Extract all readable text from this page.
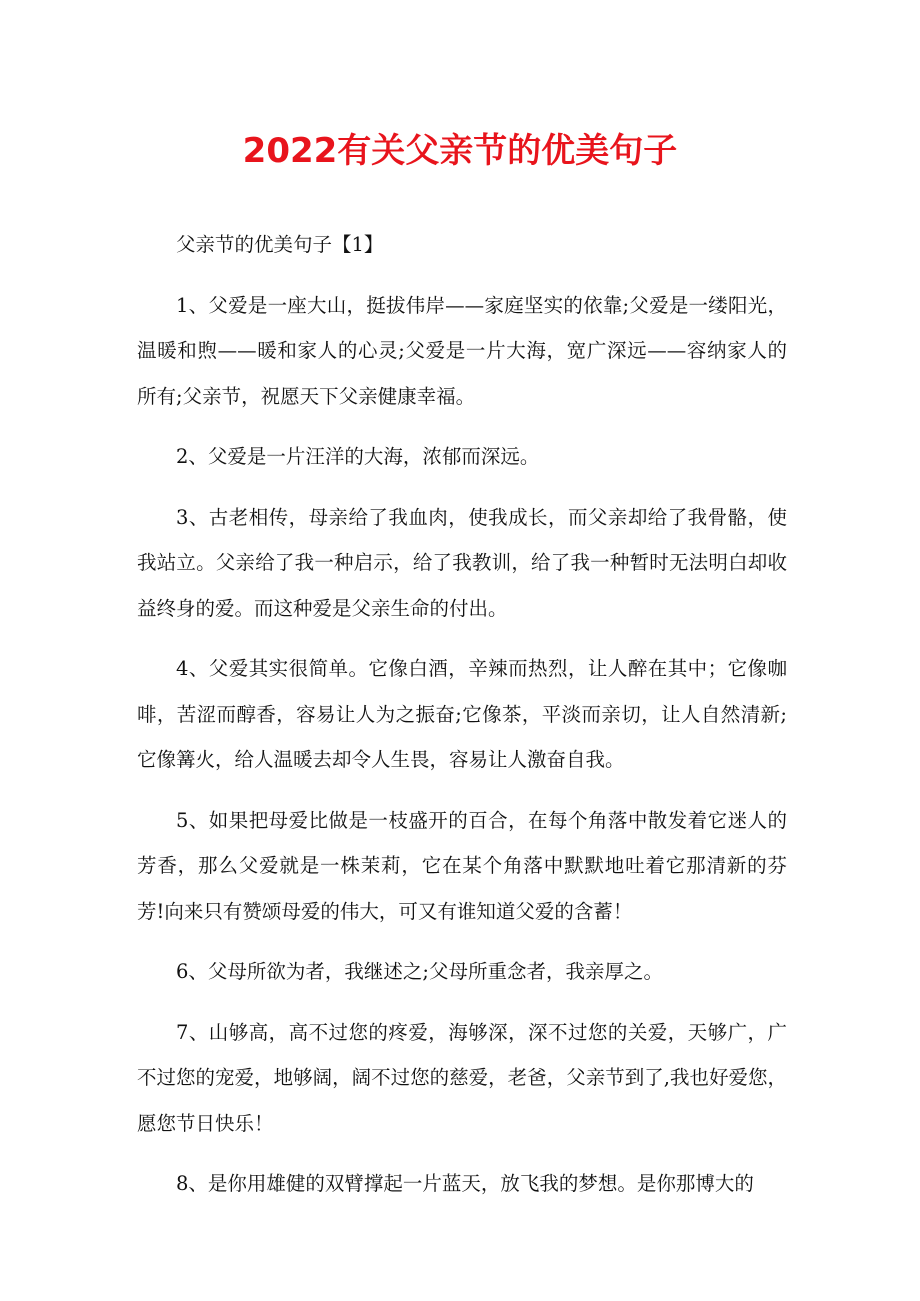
2022有关父亲节的优美句子

父亲节的优美句子【1】

1、父爱是一座大山，挺拔伟岸——家庭坚实的依靠;父爱是一缕阳光，温暖和煦——暖和家人的心灵;父爱是一片大海，宽广深远——容纳家人的所有;父亲节，祝愿天下父亲健康幸福。

2、父爱是一片汪洋的大海，浓郁而深远。

3、古老相传，母亲给了我血肉，使我成长，而父亲却给了我骨骼，使我站立。父亲给了我一种启示，给了我教训，给了我一种暂时无法明白却收益终身的爱。而这种爱是父亲生命的付出。

4、父爱其实很简单。它像白酒，辛辣而热烈，让人醉在其中；它像咖啡，苦涩而醇香，容易让人为之振奋;它像茶，平淡而亲切，让人自然清新;它像篝火，给人温暖去却令人生畏，容易让人激奋自我。

5、如果把母爱比做是一枝盛开的百合，在每个角落中散发着它迷人的芳香，那么父爱就是一株茉莉，它在某个角落中默默地吐着它那清新的芬芳!向来只有赞颂母爱的伟大，可又有谁知道父爱的含蓄！

6、父母所欲为者，我继述之;父母所重念者，我亲厚之。

7、山够高，高不过您的疼爱，海够深，深不过您的关爱，天够广，广不过您的宠爱，地够阔，阔不过您的慈爱，老爸，父亲节到了,我也好爱您，愿您节日快乐！

8、是你用雄健的双臂撑起一片蓝天，放飞我的梦想。是你那博大的
